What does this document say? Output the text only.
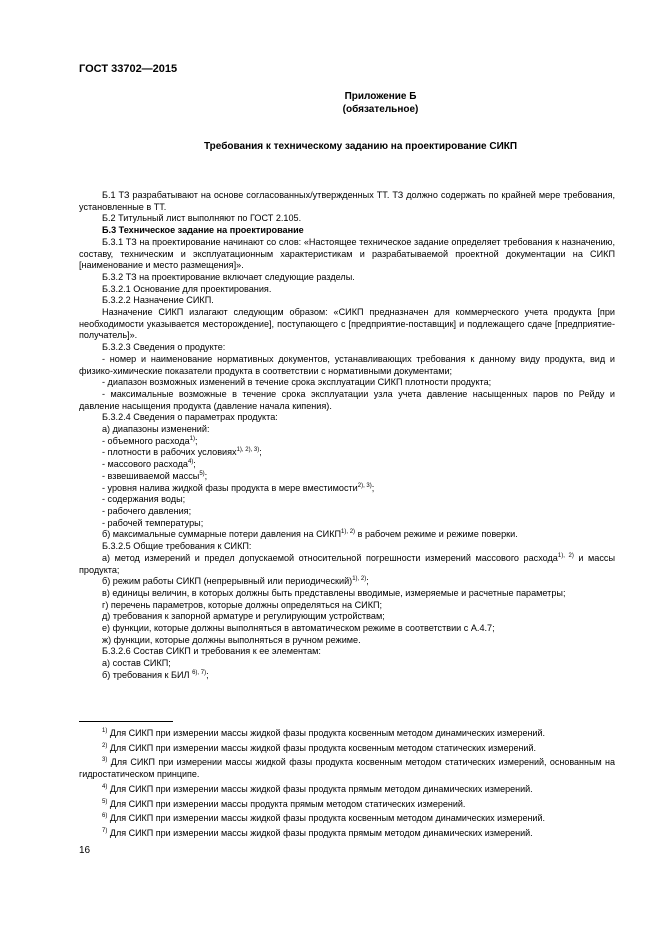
ГОСТ 33702—2015
Приложение Б
(обязательное)
Требования к техническому заданию на проектирование СИКП

Б.1 ТЗ разрабатывают на основе согласованных/утвержденных ТТ. ТЗ должно содержать по крайней мере требования, установленные в ТТ.

Б.2 Титульный лист выполняют по ГОСТ 2.105.

Б.3 Техническое задание на проектирование

Б.3.1 ТЗ на проектирование начинают со слов: «Настоящее техническое задание определяет требования к назначению, составу, техническим и эксплуатационным характеристикам и разрабатываемой проектной документации на СИКП [наименование и место размещения]».

Б.3.2 ТЗ на проектирование включает следующие разделы.

Б.3.2.1 Основание для проектирования.

Б.3.2.2 Назначение СИКП.

Назначение СИКП излагают следующим образом: «СИКП предназначен для коммерческого учета продукта [при необходимости указывается месторождение], поступающего с [предприятие-поставщик] и подлежащего сдаче [предприятие-получатель]».

Б.3.2.3 Сведения о продукте:

- номер и наименование нормативных документов, устанавливающих требования к данному виду продукта, вид и физико-химические показатели продукта в соответствии с нормативными документами;

- диапазон возможных изменений в течение срока эксплуатации СИКП плотности продукта;

- максимальные возможные в течение срока эксплуатации узла учета давление насыщенных паров по Рейду и давление насыщения продукта (давление начала кипения).

Б.3.2.4 Сведения о параметрах продукта:

а) диапазоны изменений:

- объемного расхода$^{1)}$;

- плотности в рабочих условиях$^{1), 2), 3)}$;

- массового расхода$^{4)}$;

- взвешиваемой массы$^{5)}$;

- уровня налива жидкой фазы продукта в мере вместимости$^{2), 3)}$;

- содержания воды;

- рабочего давления;

- рабочей температуры;

б) максимальные суммарные потери давления на $СИКП^{1), 2)}$ в рабочем режиме и режиме поверки.

Б.3.2.5 Общие требования к СИКП:

а) метод измерений и предел допускаемой относительной погрешности измерений массового расхода$^{1), 2)}$ и массы продукта;

б) режим работы СИКП (непрерывный или периодический)$^{1), 2)}$;

в) единицы величин, в которых должны быть представлены вводимые, измеряемые и расчетные параметры;

г) перечень параметров, которые должны определяться на СИКП;

д) требования к запорной арматуре и регулирующим устройствам;

е) функции, которые должны выполняться в автоматическом режиме в соответствии с А.4.7;

ж) функции, которые должны выполняться в ручном режиме.

Б.3.2.6 Состав СИКП и требования к ее элементам:

а) состав СИКП;

б) требования к БИЛ $^{6), 7)}$;

$^{1)}$ Для СИКП при измерении массы жидкой фазы продукта косвенным методом динамических измерений.

$^{2)}$ Для СИКП при измерении массы жидкой фазы продукта косвенным методом статических измерений.

$^{3)}$ Для СИКП при измерении массы жидкой фазы продукта косвенным методом статических измерений, основанным на гидростатическом принципе.

$^{4)}$ Для СИКП при измерении массы жидкой фазы продукта прямым методом динамических измерений.

$^{5)}$ Для СИКП при измерении массы продукта прямым методом статических измерений.

$^{6)}$ Для СИКП при измерении массы жидкой фазы продукта косвенным методом динамических измерений.

$^{7)}$ Для СИКП при измерении массы жидкой фазы продукта прямым методом динамических измерений.

16
